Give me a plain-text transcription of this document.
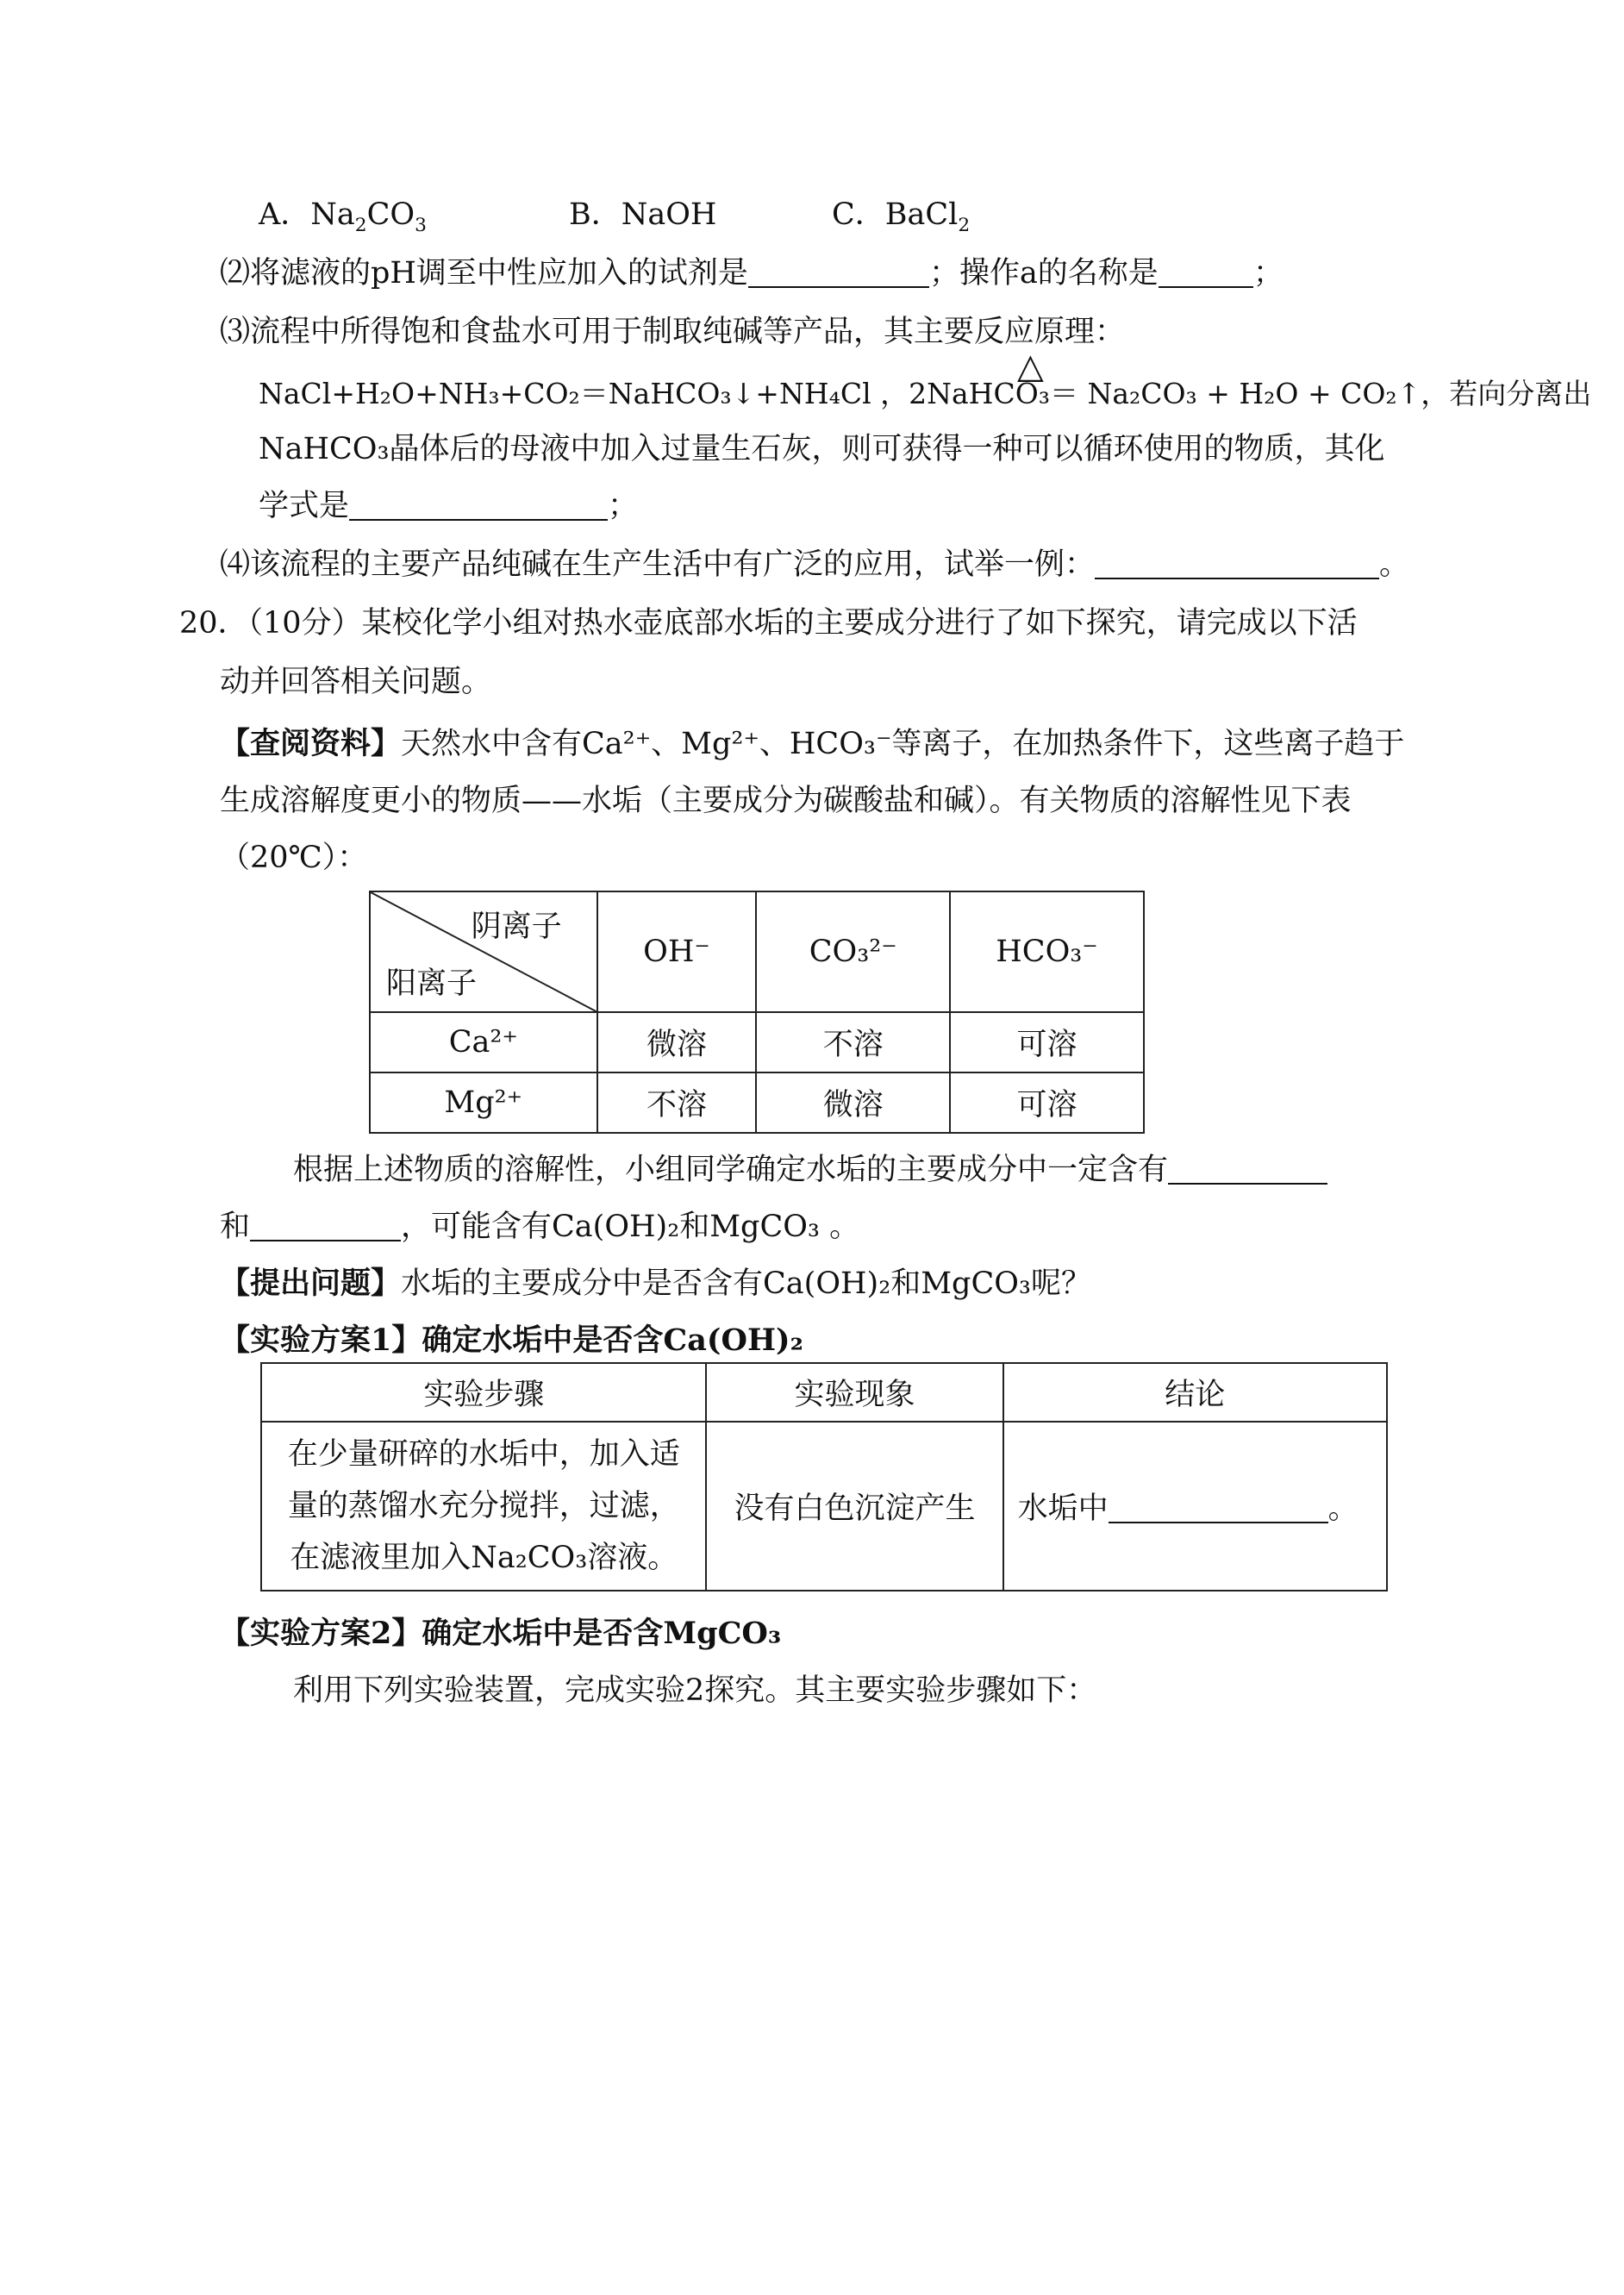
A．$Na_2CO_3$	B．NaOH	C．BaCl$_2$
⑵将滤液的pH调至中性应加入的试剂是	；操作a的名称是	；
⑶流程中所得饱和食盐水可用于制取纯碱等产品，其主要反应原理：
△
NaCl+H₂O+NH₃+CO₂＝NaHCO₃↓+NH₄Cl ，2NaHCO₃＝ Na₂CO₃ + H₂O + CO₂↑，若向分离出
NaHCO₃晶体后的母液中加入过量生石灰，则可获得一种可以循环使用的物质，其化
学式是	；
⑷该流程的主要产品纯碱在生产生活中有广泛的应用，试举一例：	。
20．（10分）某校化学小组对热水壶底部水垢的主要成分进行了如下探究，请完成以下活
动并回答相关问题。
【查阅资料】天然水中含有Ca²⁺、Mg²⁺、HCO₃⁻等离子，在加热条件下，这些离子趋于
生成溶解度更小的物质——水垢（主要成分为碳酸盐和碱）。有关物质的溶解性见下表
（20℃）：
阴离子
阳离子	OH⁻	CO₃²⁻	HCO₃⁻
Ca²⁺	微溶	不溶	可溶
Mg²⁺	不溶	微溶	可溶
根据上述物质的溶解性，小组同学确定水垢的主要成分中一定含有
和	，可能含有Ca(OH)₂和MgCO₃ 。
【提出问题】水垢的主要成分中是否含有Ca(OH)₂和MgCO₃呢？
【实验方案1】确定水垢中是否含Ca(OH)₂
实验步骤	实验现象	结论

在少量研碎的水垢中，加入适
量的蒸馏水充分搅拌，过滤，
在滤液里加入Na₂CO₃溶液。	没有白色沉淀产生	水垢中 。
【实验方案2】确定水垢中是否含MgCO₃
利用下列实验装置，完成实验2探究。其主要实验步骤如下：
